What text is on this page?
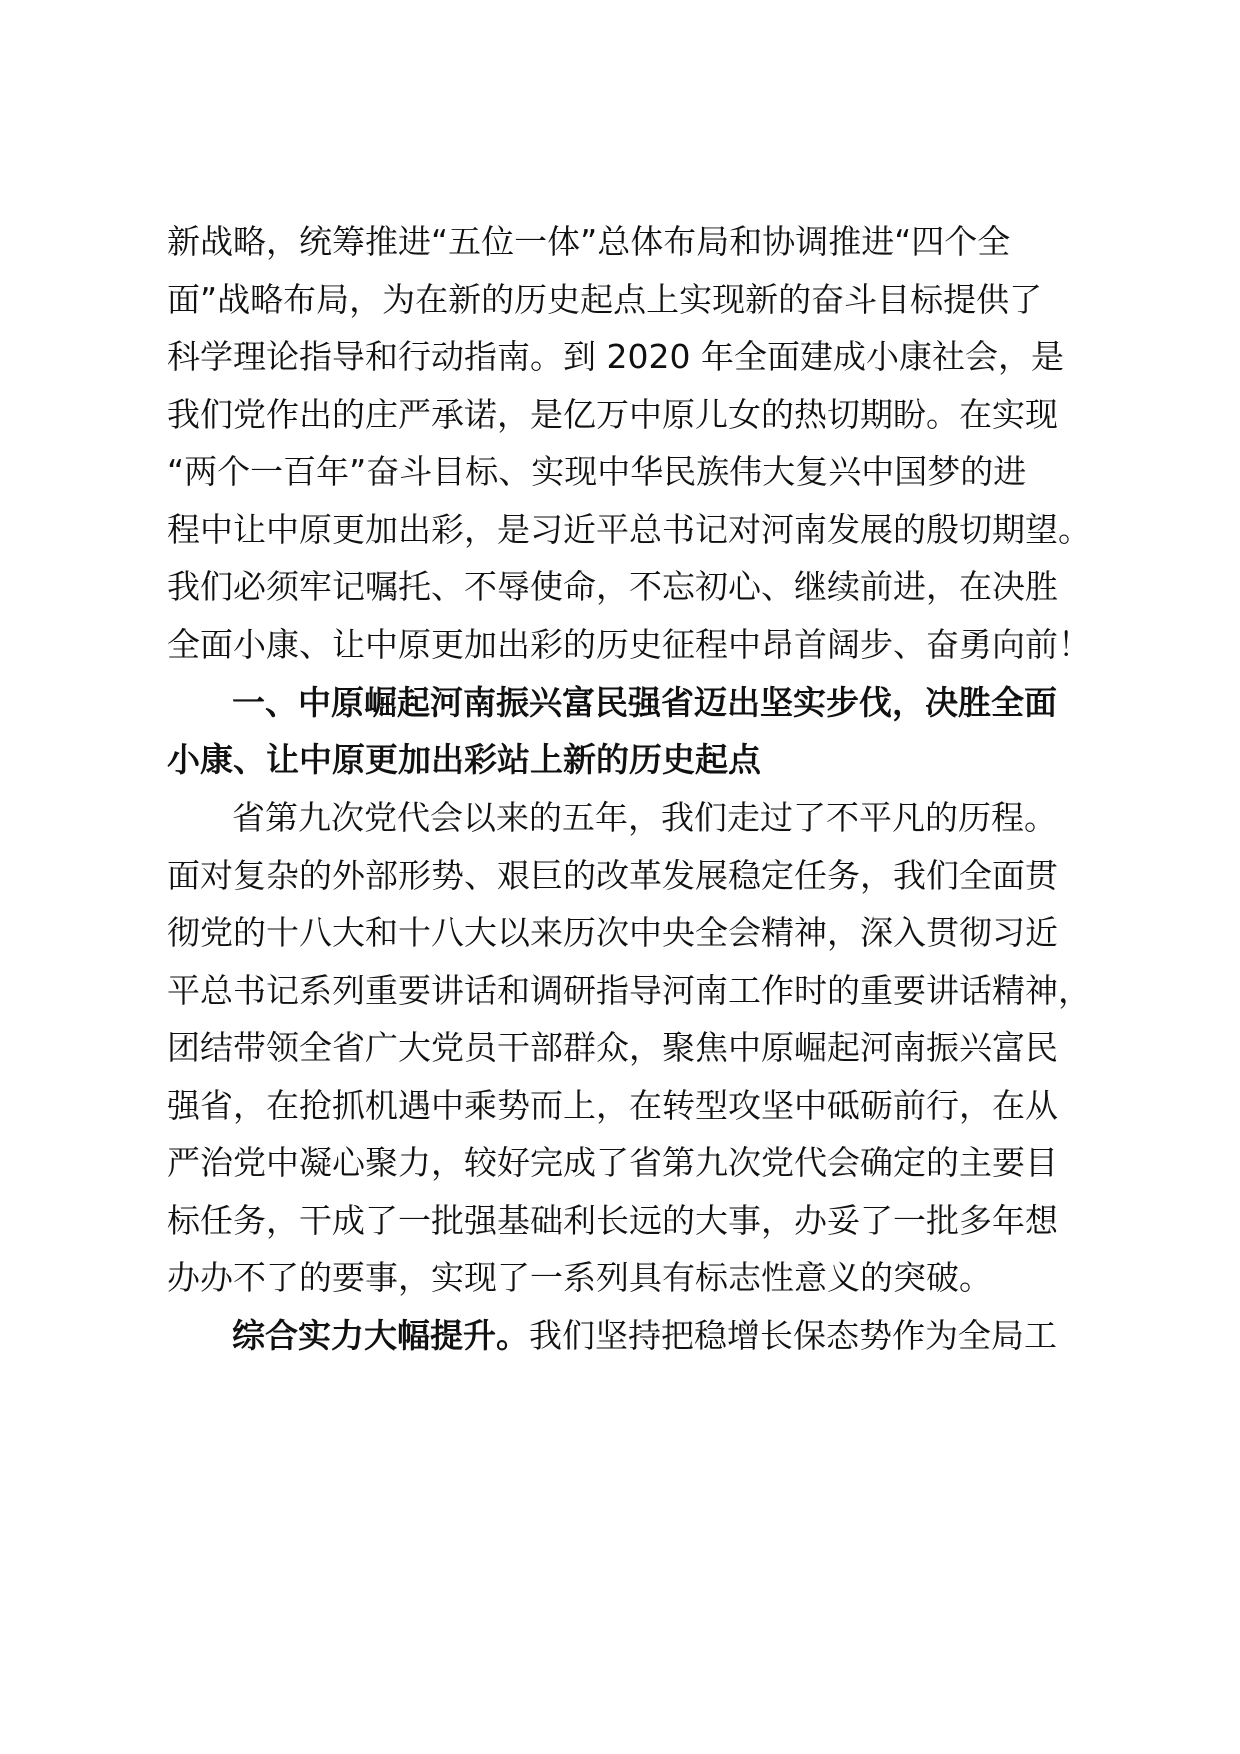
新战略，统筹推进“五位一体”总体布局和协调推进“四个全
面”战略布局，为在新的历史起点上实现新的奋斗目标提供了
科学理论指导和行动指南。到 2020 年全面建成小康社会，是
我们党作出的庄严承诺，是亿万中原儿女的热切期盼。在实现
“两个一百年”奋斗目标、实现中华民族伟大复兴中国梦的进
程中让中原更加出彩，是习近平总书记对河南发展的殷切期望。
我们必须牢记嘱托、不辱使命，不忘初心、继续前进，在决胜
全面小康、让中原更加出彩的历史征程中昂首阔步、奋勇向前！
一、中原崛起河南振兴富民强省迈出坚实步伐，决胜全面
小康、让中原更加出彩站上新的历史起点
省第九次党代会以来的五年，我们走过了不平凡的历程。
面对复杂的外部形势、艰巨的改革发展稳定任务，我们全面贯
彻党的十八大和十八大以来历次中央全会精神，深入贯彻习近
平总书记系列重要讲话和调研指导河南工作时的重要讲话精神，
团结带领全省广大党员干部群众，聚焦中原崛起河南振兴富民
强省，在抢抓机遇中乘势而上，在转型攻坚中砥砺前行，在从
严治党中凝心聚力，较好完成了省第九次党代会确定的主要目
标任务，干成了一批强基础利长远的大事，办妥了一批多年想
办办不了的要事，实现了一系列具有标志性意义的突破。
综合实力大幅提升。我们坚持把稳增长保态势作为全局工
